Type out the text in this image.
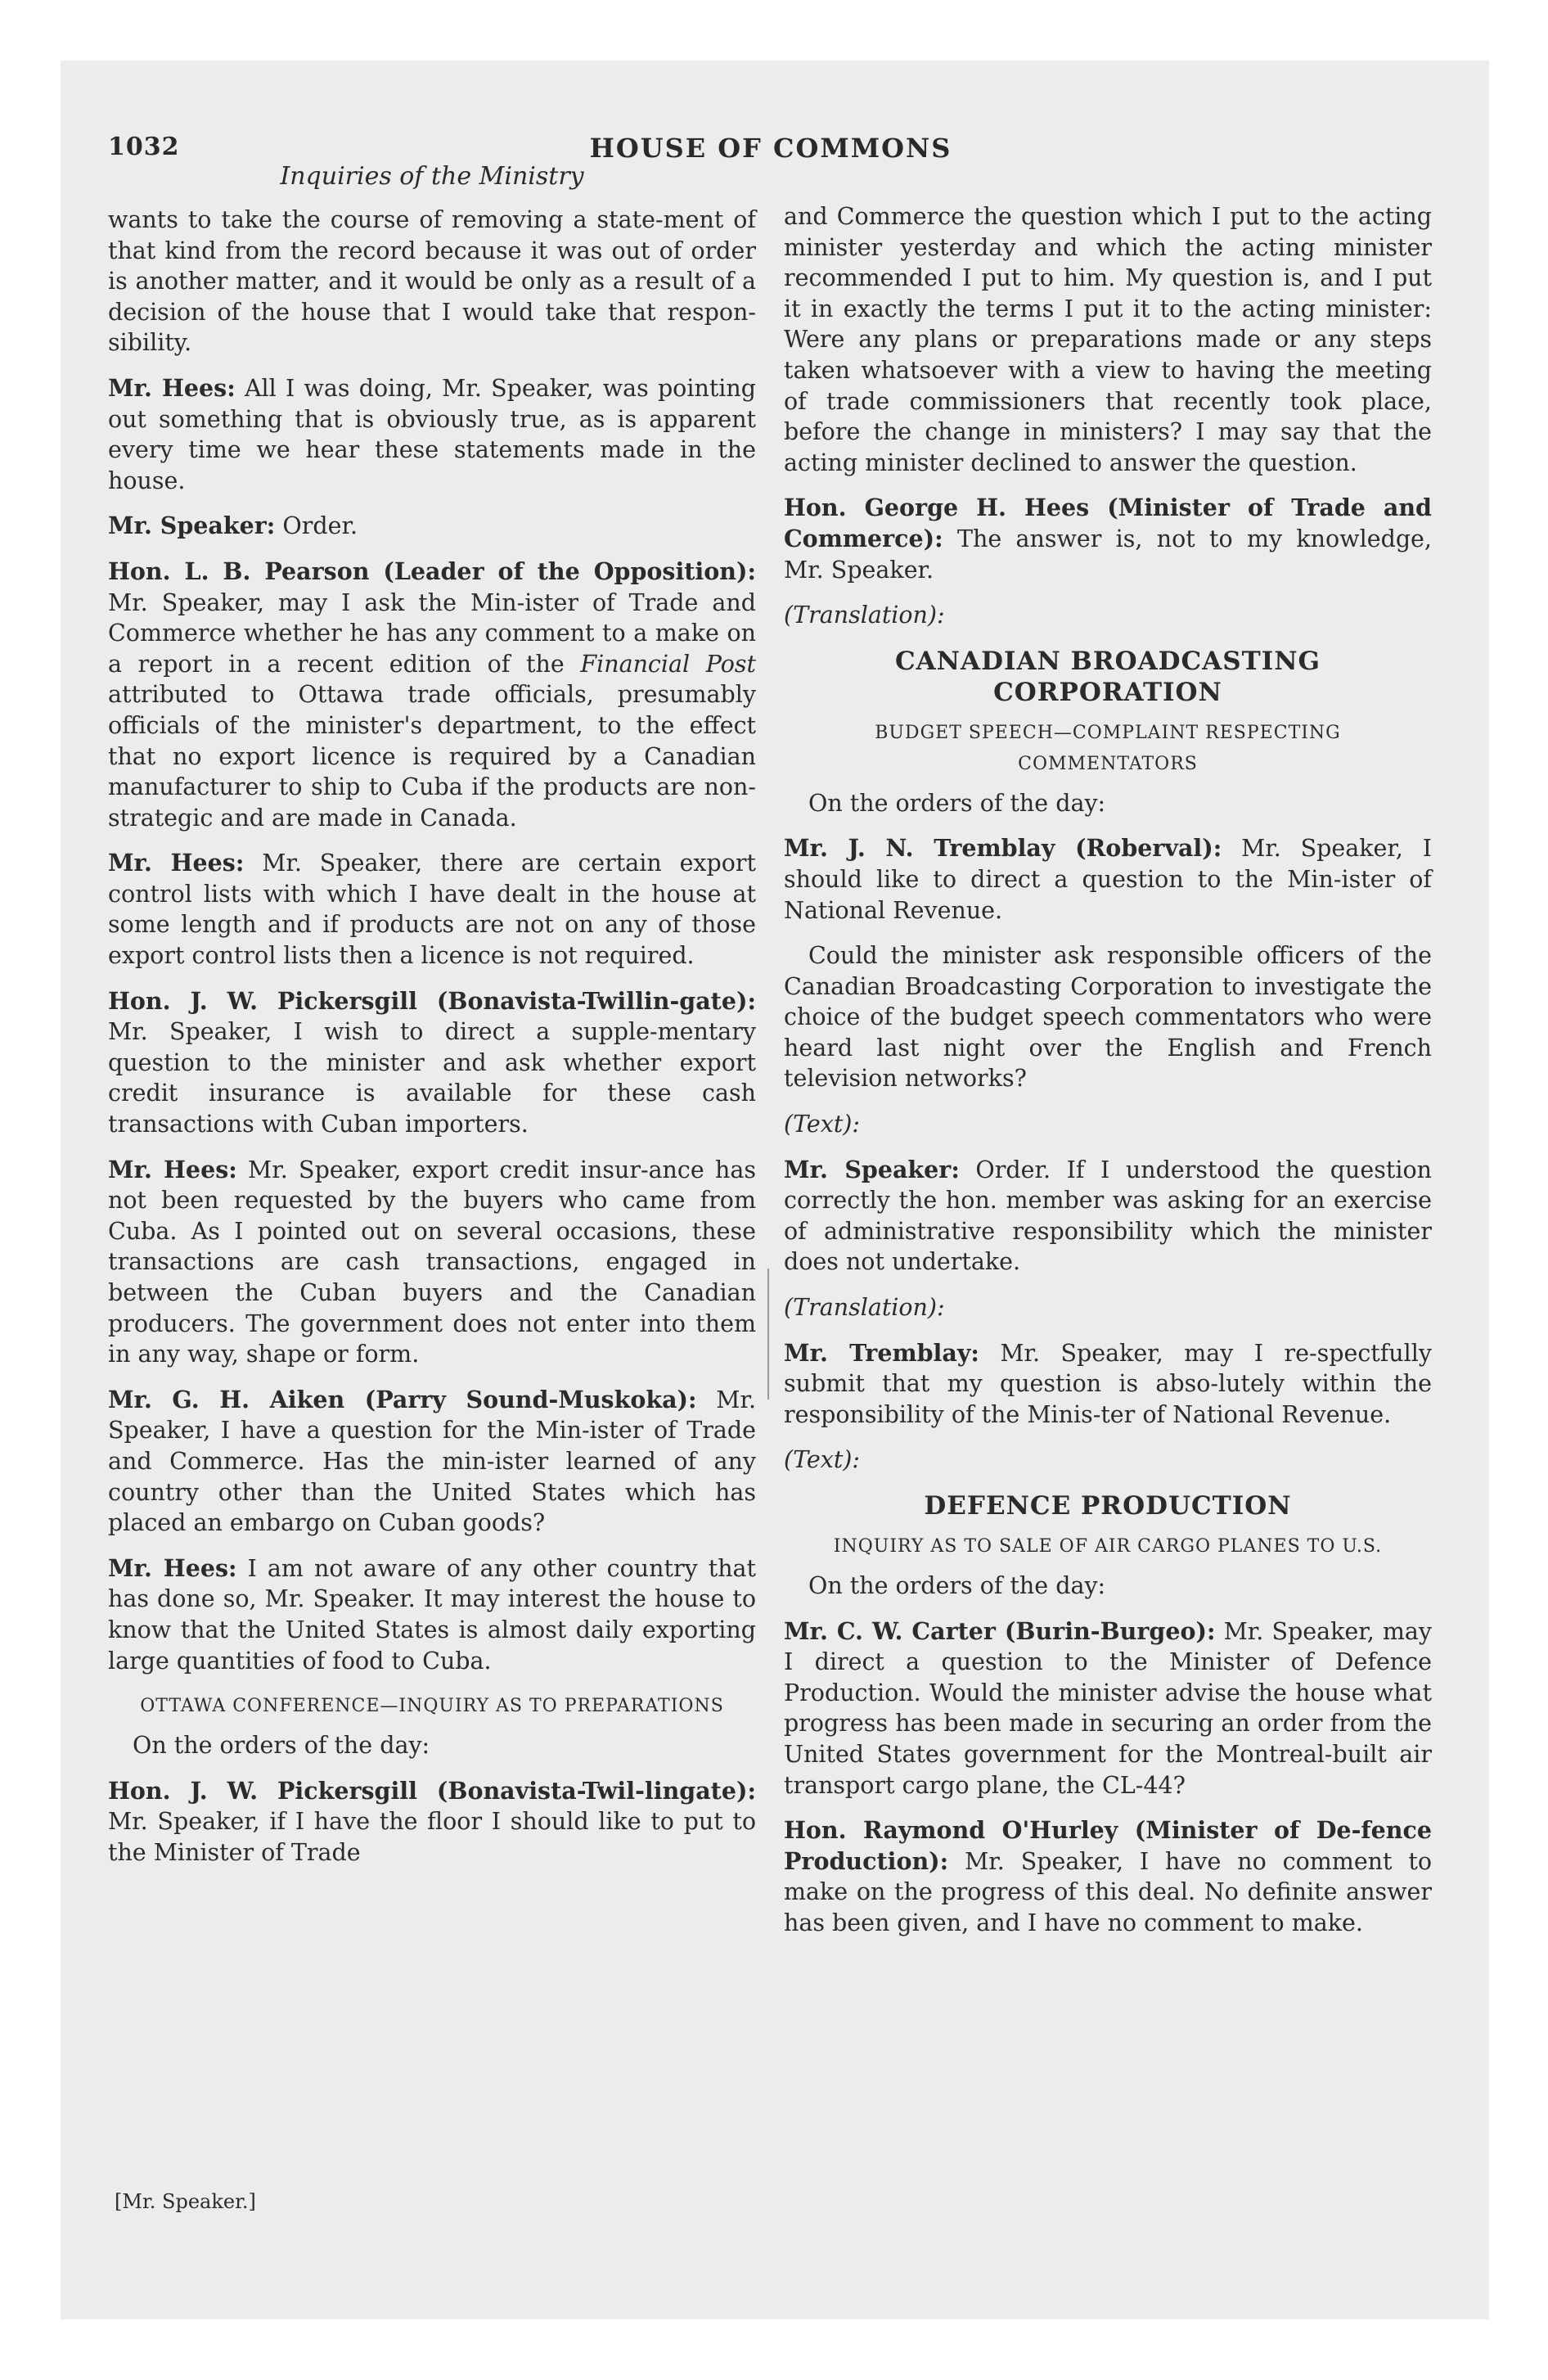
1032	HOUSE OF COMMONS
Inquiries of the Ministry

wants to take the course of removing a state-ment of that kind from the record because it was out of order is another matter, and it would be only as a result of a decision of the house that I would take that respon-sibility.

Mr. Hees: All I was doing, Mr. Speaker, was pointing out something that is obviously true, as is apparent every time we hear these statements made in the house.

Mr. Speaker: Order.

Hon. L. B. Pearson (Leader of the Opposition): Mr. Speaker, may I ask the Min-ister of Trade and Commerce whether he has any comment to a make on a report in a recent edition of the Financial Post attributed to Ottawa trade officials, presumably officials of the minister's department, to the effect that no export licence is required by a Canadian manufacturer to ship to Cuba if the products are non-strategic and are made in Canada.

Mr. Hees: Mr. Speaker, there are certain export control lists with which I have dealt in the house at some length and if products are not on any of those export control lists then a licence is not required.

Hon. J. W. Pickersgill (Bonavista-Twillin-gate): Mr. Speaker, I wish to direct a supple-mentary question to the minister and ask whether export credit insurance is available for these cash transactions with Cuban importers.

Mr. Hees: Mr. Speaker, export credit insur-ance has not been requested by the buyers who came from Cuba. As I pointed out on several occasions, these transactions are cash transactions, engaged in between the Cuban buyers and the Canadian producers. The government does not enter into them in any way, shape or form.

Mr. G. H. Aiken (Parry Sound-Muskoka): Mr. Speaker, I have a question for the Min-ister of Trade and Commerce. Has the min-ister learned of any country other than the United States which has placed an embargo on Cuban goods?

Mr. Hees: I am not aware of any other country that has done so, Mr. Speaker. It may interest the house to know that the United States is almost daily exporting large quantities of food to Cuba.

OTTAWA CONFERENCE—INQUIRY AS TO PREPARATIONS

On the orders of the day:

Hon. J. W. Pickersgill (Bonavista-Twil-lingate): Mr. Speaker, if I have the floor I should like to put to the Minister of Trade

and Commerce the question which I put to the acting minister yesterday and which the acting minister recommended I put to him. My question is, and I put it in exactly the terms I put it to the acting minister: Were any plans or preparations made or any steps taken whatsoever with a view to having the meeting of trade commissioners that recently took place, before the change in ministers? I may say that the acting minister declined to answer the question.

Hon. George H. Hees (Minister of Trade and Commerce): The answer is, not to my knowledge, Mr. Speaker.

(Translation):

CANADIAN BROADCASTING CORPORATION
BUDGET SPEECH—COMPLAINT RESPECTING COMMENTATORS

On the orders of the day:

Mr. J. N. Tremblay (Roberval): Mr. Speaker, I should like to direct a question to the Min-ister of National Revenue.

Could the minister ask responsible officers of the Canadian Broadcasting Corporation to investigate the choice of the budget speech commentators who were heard last night over the English and French television networks?

(Text):

Mr. Speaker: Order. If I understood the question correctly the hon. member was asking for an exercise of administrative responsibility which the minister does not undertake.

(Translation):

Mr. Tremblay: Mr. Speaker, may I re-spectfully submit that my question is abso-lutely within the responsibility of the Minis-ter of National Revenue.

(Text):

DEFENCE PRODUCTION
INQUIRY AS TO SALE OF AIR CARGO PLANES TO U.S.

On the orders of the day:

Mr. C. W. Carter (Burin-Burgeo): Mr. Speaker, may I direct a question to the Minister of Defence Production. Would the minister advise the house what progress has been made in securing an order from the United States government for the Montreal-built air transport cargo plane, the CL-44?

Hon. Raymond O'Hurley (Minister of De-fence Production): Mr. Speaker, I have no comment to make on the progress of this deal. No definite answer has been given, and I have no comment to make.

[Mr. Speaker.]
